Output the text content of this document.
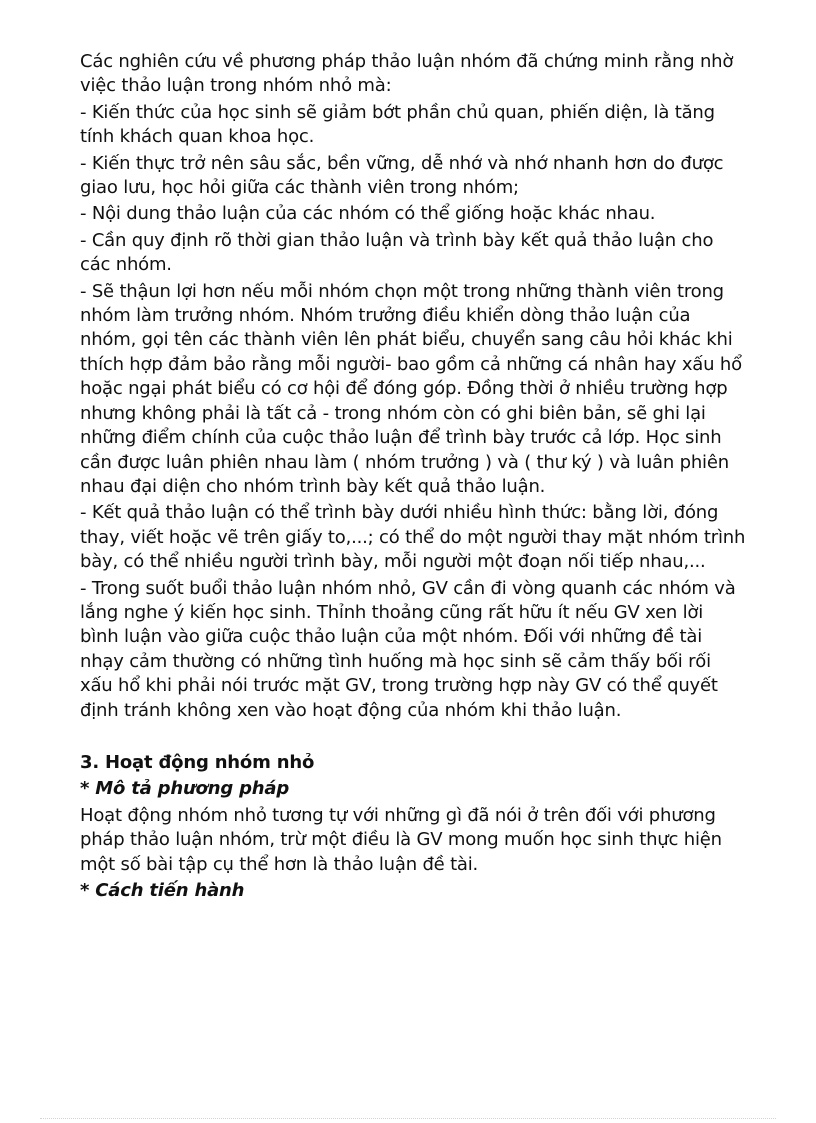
Các nghiên cứu về phương pháp thảo luận nhóm đã chứng minh rằng nhờ việc thảo luận trong nhóm nhỏ mà:

- Kiến thức của học sinh sẽ giảm bớt phần chủ quan, phiến diện, là tăng tính khách quan khoa học.

- Kiến thực trở nên sâu sắc, bền vững, dễ nhớ và nhớ nhanh hơn do được giao lưu, học hỏi giữa các thành viên trong nhóm;

- Nội dung thảo luận của các nhóm có thể giống hoặc khác nhau.

- Cần quy định rõ thời gian thảo luận và trình bày kết quả thảo luận cho các nhóm.

- Sẽ thậun lợi hơn nếu mỗi nhóm chọn một trong những thành viên trong nhóm làm trưởng nhóm. Nhóm trưởng điều khiển dòng thảo luận của nhóm, gọi tên các thành viên lên phát biểu, chuyển sang câu hỏi khác khi thích hợp đảm bảo rằng mỗi người- bao gồm cả những cá nhân hay xấu hổ hoặc ngại phát biểu có cơ hội để đóng góp. Đồng thời ở nhiều trường hợp nhưng không phải là tất cả - trong nhóm còn có ghi biên bản, sẽ ghi lại những điểm chính của cuộc thảo luận để trình bày trước cả lớp. Học sinh cần được luân phiên nhau làm ( nhóm trưởng ) và ( thư ký ) và luân phiên nhau đại diện cho nhóm trình bày kết quả thảo luận.

- Kết quả thảo luận có thể trình bày dưới nhiều hình thức: bằng lời, đóng thay, viết hoặc vẽ trên giấy to,...; có thể do một người thay mặt nhóm trình bày, có thể nhiều người trình bày, mỗi người một đoạn nối tiếp nhau,...

- Trong suốt buổi thảo luận nhóm nhỏ, GV cần đi vòng quanh các nhóm và lắng nghe ý kiến học sinh. Thỉnh thoảng cũng rất hữu ít nếu GV xen lời bình luận vào giữa cuộc thảo luận của một nhóm. Đối với những đề tài nhạy cảm thường có những tình huống mà học sinh sẽ cảm thấy bối rối xấu hổ khi phải nói trước mặt GV, trong trường hợp này GV có thể quyết định tránh không xen vào hoạt động của nhóm khi thảo luận.

3. Hoạt động nhóm nhỏ

* Mô tả phương pháp

Hoạt động nhóm nhỏ tương tự với những gì đã nói ở trên đối với phương pháp thảo luận nhóm, trừ một điều là GV mong muốn học sinh thực hiện một số bài tập cụ thể hơn là thảo luận đề tài.

* Cách tiến hành
